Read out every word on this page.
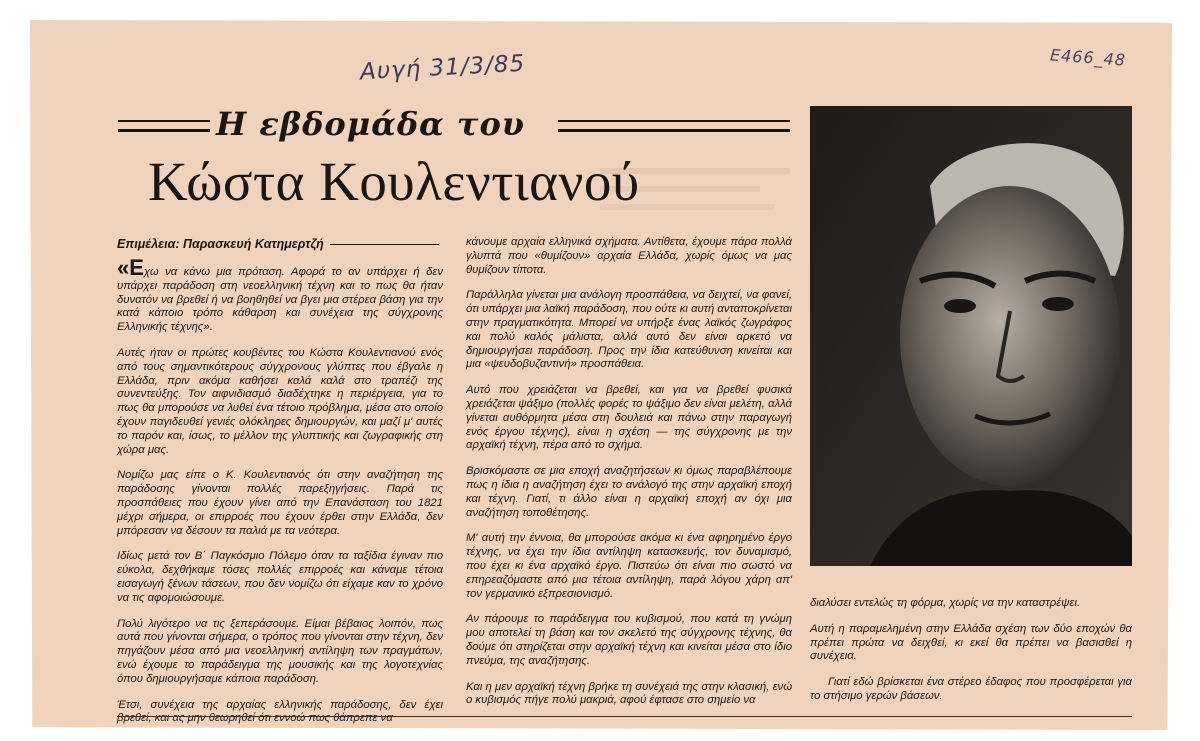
Αυγή 31/3/85	Ε466_48
Η εβδομάδα του
Κώστα Κουλεντιανού
Επιμέλεια: Παρασκευή Κατημερτζή

«Εχω να κάνω μια πρόταση. Αφορά το αν υπάρχει ή δεν υπάρχει παράδοση στη νεοελληνική τέχνη και το πως θα ήταν δυνατόν να βρεθεί ή να βοηθηθεί να βγει μια στέρεα βάση για την κατά κάποιο τρόπο κάθαρση και συνέχεια της σύγχρονης Ελληνικής τέχνης».

Αυτές ήταν οι πρώτες κουβέντες του Κώστα Κουλεντιανού ενός από τους σημαντικότερους σύγχρονους γλύπτες που έβγαλε η Ελλάδα, πριν ακόμα καθήσει καλά καλά στο τραπέζι της συνεντεύξης. Τον αιφνιδιασμό διαδέχτηκε η περιέργεια, για το πως θα μπορούσε να λυθεί ένα τέτοιο πρόβλημα, μέσα στο οποίο έχουν παγιδευθεί γενιές ολόκληρες δημιουργών, και μαζί μ' αυτές το παρόν και, ίσως, το μέλλον της γλυπτικής και ζωγραφικής στη χώρα μας.

Νομίζω μας είπε ο Κ. Κουλεντιανός ότι στην αναζήτηση της παράδοσης γίνονται πολλές παρεξηγήσεις. Παρά τις προσπάθειες που έχουν γίνει από την Επανάσταση του 1821 μέχρι σήμερα, οι επιρροές που έχουν έρθει στην Ελλάδα, δεν μπόρεσαν να δέσουν τα παλιά με τα νεότερα.

Ιδίως μετά τον Β΄ Παγκόσμιο Πόλεμο όταν τα ταξίδια έγιναν πιο εύκολα, δεχθήκαμε τόσες πολλές επιρροές και κάναμε τέτοια εισαγωγή ξένων τάσεων, που δεν νομίζω ότι είχαμε καν το χρόνο να τις αφομοιώσουμε.

Πολύ λιγότερο να τις ξεπεράσουμε. Είμαι βέβαιος λοιπόν, πως αυτά που γίνονται σήμερα, ο τρόπος που γίνονται στην τέχνη, δεν πηγάζουν μέσα από μια νεοελληνική αντίληψη των πραγμάτων, ενώ έχουμε το παράδειγμα της μουσικής και της λογοτεχνίας όπου δημιουργήσαμε κάποια παράδοση.

Έτσι, συνέχεια της αρχαίας ελληνικής παράδοσης, δεν έχει βρεθεί, και ας μην θεωρηθεί ότι εννοώ πως θάπρεπε να

κάνουμε αρχαία ελληνικά σχήματα. Αντίθετα, έχουμε πάρα πολλά γλυπτά που «θυμίζουν» αρχαία Ελλάδα, χωρίς όμως να μας θυμίζουν τίποτα.

Παράλληλα γίνεται μια ανάλογη προσπάθεια, να δειχτεί, να φανεί, ότι υπάρχει μια λαϊκή παράδοση, που ούτε κι αυτή ανταποκρίνεται στην πραγματικότητα. Μπορεί να υπήρξε ένας λαϊκός ζωγράφος και πολύ καλός μάλιστα, αλλά αυτό δεν είναι αρκετό να δημιουργήσει παράδοση. Προς την ίδια κατεύθυνση κινείται και μια «ψευδοβυζαντινή» προσπάθεια.

Αυτό που χρειάζεται να βρεθεί, και για να βρεθεί φυσικά χρειάζεται ψάξιμο (πολλές φορές το ψάξιμο δεν είναι μελέτη, αλλά γίνεται αυθόρμητα μέσα στη δουλειά και πάνω στην παραγωγή ενός έργου τέχνης), είναι η σχέση — της σύγχρονης με την αρχαϊκή τέχνη, πέρα από το σχήμα.

Βρισκόμαστε σε μια εποχή αναζητήσεων κι όμως παραβλέπουμε πως η ίδια η αναζήτηση έχει το ανάλογό της στην αρχαϊκή εποχή και τέχνη. Γιατί, τι άλλο είναι η αρχαϊκή εποχή αν όχι μια αναζήτηση τοποθέτησης.

Μ' αυτή την έννοια, θα μπορούσε ακόμα κι ένα αφηρημένο έργο τέχνης, να έχει την ίδια αντίληψη κατασκευής, τον δυναμισμό, που έχει κι ένα αρχαϊκό έργο. Πιστεύω ότι είναι πιο σωστό να επηρεαζόμαστε από μια τέτοια αντίληψη, παρά λόγου χάρη απ' τον γερμανικό εξπρεσιονισμό.

Αν πάρουμε το παράδειγμα του κυβισμού, που κατά τη γνώμη μου αποτελεί τη βάση και τον σκελετό της σύγχρονης τέχνης, θα δούμε ότι στηρίζεται στην αρχαϊκή τέχνη και κινείται μέσα στο ίδιο πνεύμα, της αναζήτησης.

Και η μεν αρχαϊκή τέχνη βρήκε τη συνέχειά της στην κλασική, ενώ ο κυβισμός πήγε πολύ μακριά, αφού έφτασε στο σημείο να

διαλύσει εντελώς τη φόρμα, χωρίς να την καταστρέψει.

Αυτή η παραμελημένη στην Ελλάδα σχέση των δύο εποχών θα πρέπει πρώτα να δειχθεί, κι εκεί θα πρέπει να βασισθεί η συνέχεια.

Γιατί εδώ βρίσκεται ένα στέρεο έδαφος που προσφέρεται για το στήσιμο γερών βάσεων.
